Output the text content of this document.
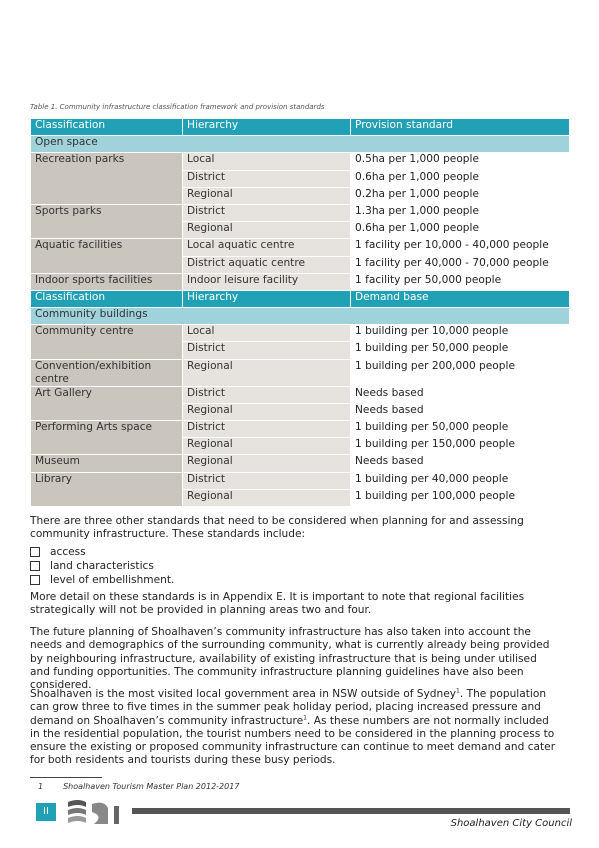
Table 1. Community infrastructure classification framework and provision standards
Classification	Hierarchy	Provision standard
Open space		
Recreation parks	Local	0.5ha per 1,000 people
	District	0.6ha per 1,000 people
	Regional	0.2ha per 1,000 people
Sports parks	District	1.3ha per 1,000 people
	Regional	0.6ha per 1,000 people
Aquatic facilities	Local aquatic centre	1 facility per 10,000 - 40,000 people
	District aquatic centre	1 facility per 40,000 - 70,000 people
Indoor sports facilities	Indoor leisure facility	1 facility per 50,000 people
Classification	Hierarchy	Demand base
Community buildings		
Community centre	Local	1 building per 10,000 people
	District	1 building per 50,000 people
Convention/exhibition centre	Regional	1 building per 200,000 people
Art Gallery	District	Needs based
	Regional	Needs based
Performing Arts space	District	1 building per 50,000 people
	Regional	1 building per 150,000 people
Museum	Regional	Needs based
Library	District	1 building per 40,000 people
	Regional	1 building per 100,000 people
There are three other standards that need to be considered when planning for and assessing community infrastructure. These standards include:
access
land characteristics
level of embellishment.
More detail on these standards is in Appendix E. It is important to note that regional facilities strategically will not be provided in planning areas two and four.
The future planning of Shoalhaven’s community infrastructure has also taken into account the needs and demographics of the surrounding community, what is currently already being provided by neighbouring infrastructure, availability of existing infrastructure that is being under utilised and funding opportunities. The community infrastructure planning guidelines have also been considered.
Shoalhaven is the most visited local government area in NSW outside of Sydney$^1$. The population can grow three to five times in the summer peak holiday period, placing increased pressure and demand on Shoalhaven’s community infrastructure$^1$. As these numbers are not normally included in the residential population, the tourist numbers need to be considered in the planning process to ensure the existing or proposed community infrastructure can continue to meet demand and cater for both residents and tourists during these busy periods.
1	Shoalhaven Tourism Master Plan 2012-2017
II
Shoalhaven City Council
